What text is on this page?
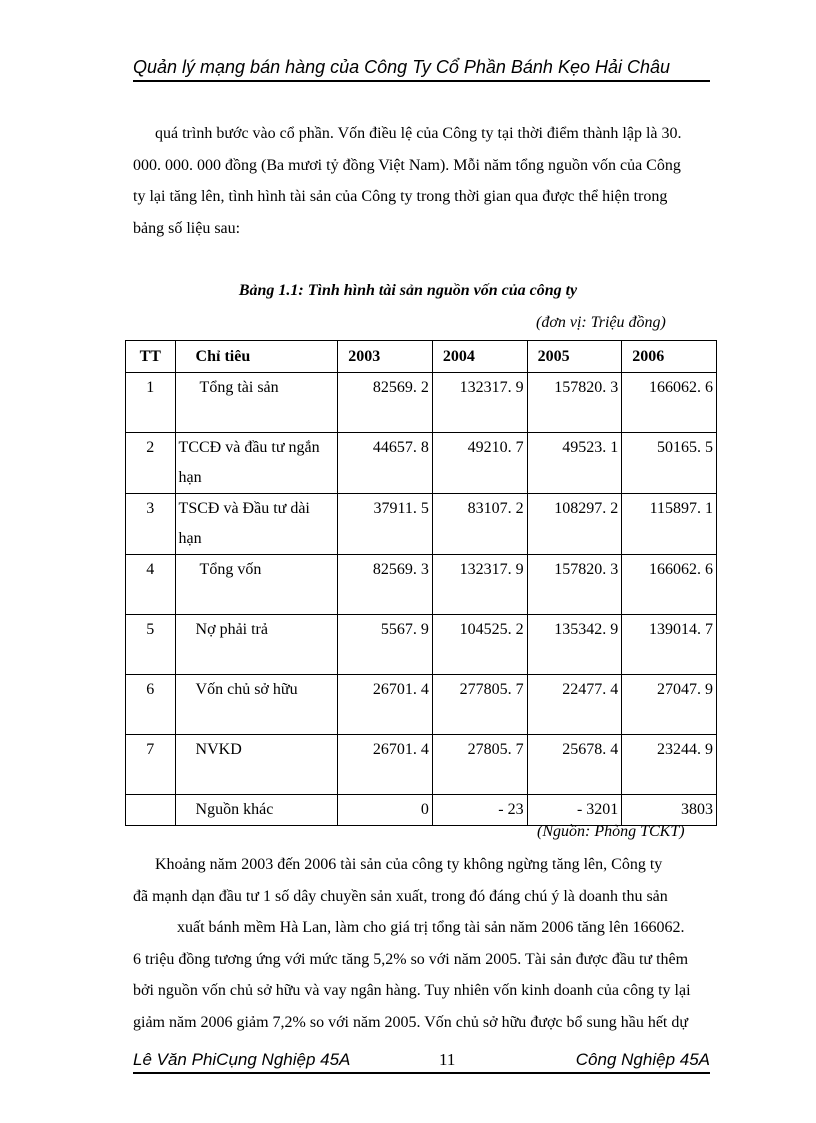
Quản lý mạng bán hàng của Công Ty Cổ Phần Bánh Kẹo Hải Châu
quá trình bước vào cổ phần. Vốn điều lệ của Công ty tại thời điểm thành lập là 30.
000. 000. 000 đồng (Ba mươi tỷ đồng Việt Nam). Mỗi năm tổng nguồn vốn của Công
ty lại tăng lên, tình hình tài sản của Công ty trong thời gian qua được thể hiện trong
bảng số liệu sau:
Bảng 1.1: Tình hình tài sản nguồn vốn của công ty
(đơn vị: Triệu đồng)
TT	Chỉ tiêu	2003	2004	2005	2006
1	Tổng tài sản	82569. 2	132317. 9	157820. 3	166062. 6
2	TCCĐ và đầu tư ngắn hạn	44657. 8	49210. 7	49523. 1	50165. 5
3	TSCĐ và Đầu tư dài hạn	37911. 5	83107. 2	108297. 2	115897. 1
4	Tổng vốn	82569. 3	132317. 9	157820. 3	166062. 6
5	Nợ phải trả	5567. 9	104525. 2	135342. 9	139014. 7
6	Vốn chủ sở hữu	26701. 4	277805. 7	22477. 4	27047. 9
7	NVKD	26701. 4	27805. 7	25678. 4	23244. 9
	Nguồn khác	0	- 23	- 3201	3803
(Nguồn: Phòng TCKT)
Khoảng năm 2003 đến 2006 tài sản của công ty không ngừng tăng lên, Công ty
đã mạnh dạn đầu tư 1 số dây chuyền sản xuất, trong đó đáng chú ý là doanh thu sản
xuất bánh mềm Hà Lan, làm cho giá trị tổng tài sản năm 2006 tăng lên 166062.
6 triệu đồng tương ứng với mức tăng 5,2% so với năm 2005. Tài sản được đầu tư thêm
bởi nguồn vốn chủ sở hữu và vay ngân hàng. Tuy nhiên vốn kinh doanh của công ty lại
giảm năm 2006 giảm 7,2% so với năm 2005. Vốn chủ sở hữu được bổ sung hầu hết dự
Lê Văn PhiCụng Nghiệp 45A	11	Công Nghiệp 45A
